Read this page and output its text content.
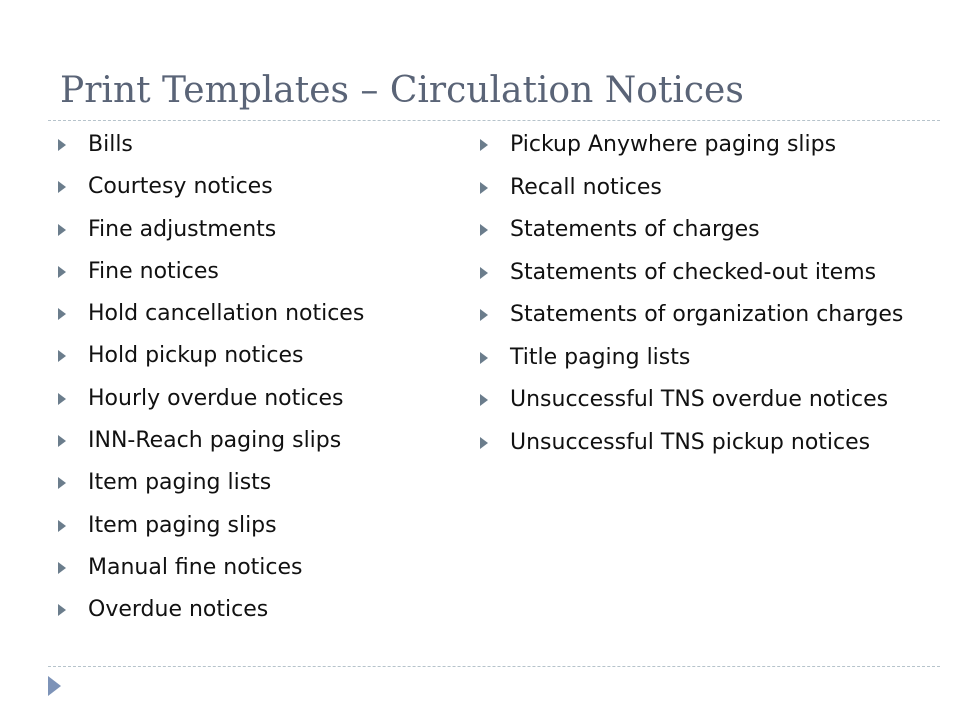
Print Templates – Circulation Notices
Bills
Courtesy notices
Fine adjustments
Fine notices
Hold cancellation notices
Hold pickup notices
Hourly overdue notices
INN-Reach paging slips
Item paging lists
Item paging slips
Manual fine notices
Overdue notices
Pickup Anywhere paging slips
Recall notices
Statements of charges
Statements of checked-out items
Statements of organization charges
Title paging lists
Unsuccessful TNS overdue notices
Unsuccessful TNS pickup notices
